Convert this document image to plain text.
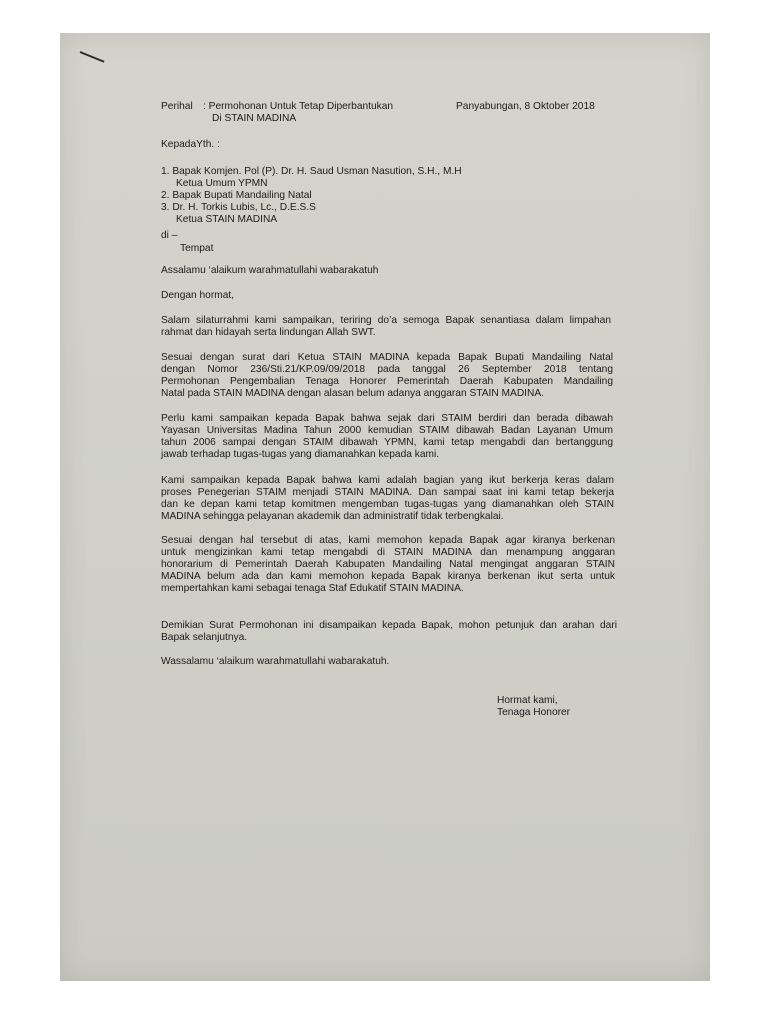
Perihal : Permohonan Untuk Tetap Diperbantukan
Di STAIN MADINA
Panyabungan, 8 Oktober 2018
KepadaYth. :
1. Bapak Komjen. Pol (P). Dr. H. Saud Usman Nasution, S.H., M.H
Ketua Umum YPMN
2. Bapak Bupati Mandailing Natal
3. Dr. H. Torkis Lubis, Lc., D.E.S.S
Ketua STAIN MADINA
di –
Tempat
Assalamu ‘alaikum warahmatullahi wabarakatuh
Dengan hormat,
Salam silaturrahmi kami sampaikan, teriring do’a semoga Bapak senantiasa dalam limpahan
rahmat dan hidayah serta lindungan Allah SWT.
Sesuai dengan surat dari Ketua STAIN MADINA kepada Bapak Bupati Mandailing Natal
dengan Nomor 236/Sti.21/KP.09/09/2018 pada tanggal 26 September 2018 tentang
Permohonan Pengembalian Tenaga Honorer Pemerintah Daerah Kabupaten Mandailing
Natal pada STAIN MADINA dengan alasan belum adanya anggaran STAIN MADINA.
Perlu kami sampaikan kepada Bapak bahwa sejak dari STAIM berdiri dan berada dibawah
Yayasan Universitas Madina Tahun 2000 kemudian STAIM dibawah Badan Layanan Umum
tahun 2006 sampai dengan STAIM dibawah YPMN, kami tetap mengabdi dan bertanggung
jawab terhadap tugas-tugas yang diamanahkan kepada kami.
Kami sampaikan kepada Bapak bahwa kami adalah bagian yang ikut berkerja keras dalam
proses Penegerian STAIM menjadi STAIN MADINA. Dan sampai saat ini kami tetap bekerja
dan ke depan kami tetap komitmen mengemban tugas-tugas yang diamanahkan oleh STAIN
MADINA sehingga pelayanan akademik dan administratif tidak terbengkalai.
Sesuai dengan hal tersebut di atas, kami memohon kepada Bapak agar kiranya berkenan
untuk mengizinkan kami tetap mengabdi di STAIN MADINA dan menampung anggaran
honorarium di Pemerintah Daerah Kabupaten Mandailing Natal mengingat anggaran STAIN
MADINA belum ada dan kami memohon kepada Bapak kiranya berkenan ikut serta untuk
mempertahkan kami sebagai tenaga Staf Edukatif STAIN MADINA.
Demikian Surat Permohonan ini disampaikan kepada Bapak, mohon petunjuk dan arahan dari
Bapak selanjutnya.
Wassalamu ‘alaikum warahmatullahi wabarakatuh.
Hormat kami,
Tenaga Honorer
